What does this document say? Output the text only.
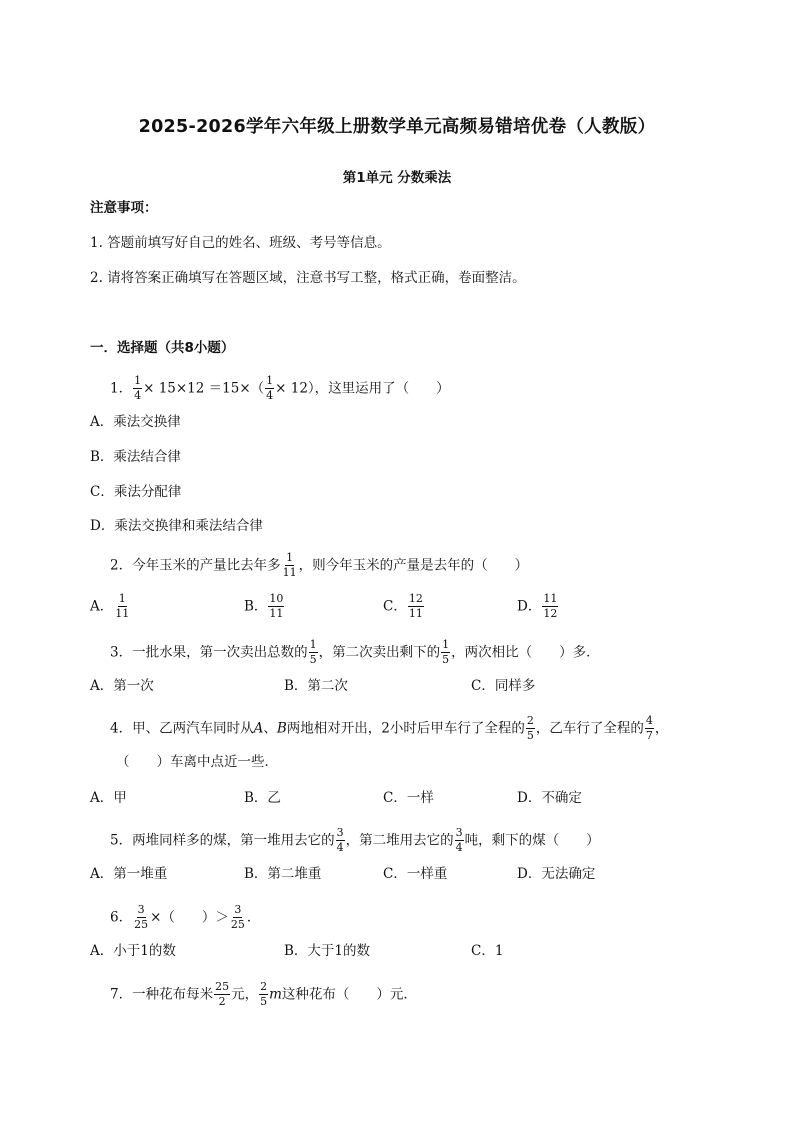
2025-2026学年六年级上册数学单元高频易错培优卷（人教版）
第1单元 分数乘法
注意事项：
1. 答题前填写好自己的姓名、班级、考号等信息。
2. 请将答案正确填写在答题区域，注意书写工整，格式正确，卷面整洁。
一．选择题（共8小题）
1． $\frac{1}{4} \times 15\times 12 =15\times( \frac{1}{4} \times 12)$，这里运用了（　　）
A．乘法交换律
B．乘法结合律
C．乘法分配律
D．乘法交换律和乘法结合律
2．今年玉米的产量比去年多 $\frac{1}{11}$ ，则今年玉米的产量是去年的（　　）
A． $\frac{1}{11}$	B． $\frac{10}{11}$	C． $\frac{12}{11}$	D． $\frac{11}{12}$
3．一批水果，第一次卖出总数的 $\frac{1}{5}$ ，第二次卖出剩下的 $\frac{1}{5}$ ，两次相比（　　）多．
A．第一次	B．第二次	C．同样多
4．甲、乙两汽车同时从A、B两地相对开出，2小时后甲车行了全程的 $\frac{2}{5}$ ，乙车行了全程的 $\frac{4}{7}$ ，
（　　）车离中点近一些．
A．甲	B．乙	C．一样	D．不确定
5．两堆同样多的煤，第一堆用去它的 $\frac{3}{4}$ ，第二堆用去它的 $\frac{3}{4}$ 吨，剩下的煤（　　）
A．第一堆重	B．第二堆重	C．一样重	D．无法确定
6． $\frac{3}{25}$ ×（　　）＞ $\frac{3}{25}$ ．
A．小于1的数	B．大于1的数	C．1
7．一种花布每米 $\frac{25}{2}$ 元， $\frac{2}{5}$ m这种花布（　　）元．
